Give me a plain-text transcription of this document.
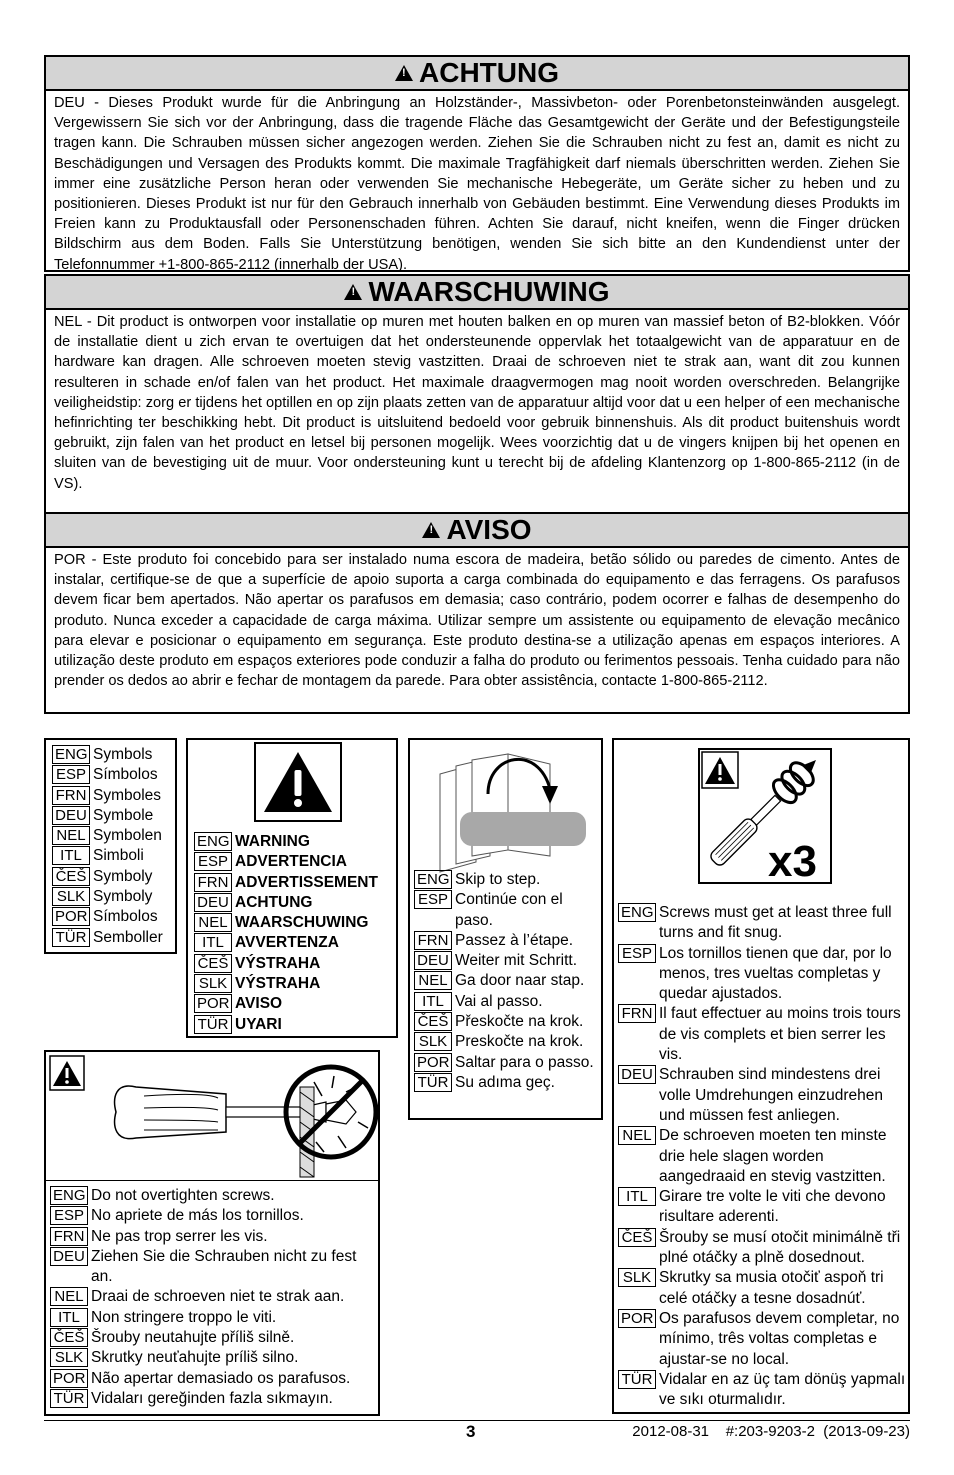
!ACHTUNG
DEU - Dieses Produkt wurde für die Anbringung an Holzständer-, Massivbeton- oder Porenbetonsteinwänden ausgelegt. Vergewissern Sie sich vor der Anbringung, dass die tragende Fläche das Gesamtgewicht der Geräte und der Befestigungsteile tragen kann. Die Schrauben müssen sicher angezogen werden. Ziehen Sie die Schrauben nicht zu fest an, damit es nicht zu Beschädigungen und Versagen des Produkts kommt. Die maximale Tragfähigkeit darf niemals überschritten werden. Ziehen Sie immer eine zusätzliche Person heran oder verwenden Sie mechanische Hebegeräte, um Geräte sicher zu heben und zu positionieren. Dieses Produkt ist nur für den Gebrauch innerhalb von Gebäuden bestimmt. Eine Verwendung dieses Produkts im Freien kann zu Produktausfall oder Personenschaden führen. Achten Sie darauf, nicht kneifen, wenn die Finger drücken Bildschirm aus dem Boden. Falls Sie Unterstützung benötigen, wenden Sie sich bitte an den Kundendienst unter der Telefonnummer +1-800-865-2112 (innerhalb der USA).
!WAARSCHUWING
NEL - Dit product is ontworpen voor installatie op muren met houten balken en op muren van massief beton of B2-blokken. Vóór de installatie dient u zich ervan te overtuigen dat het ondersteunende oppervlak het totaalgewicht van de apparatuur en de hardware kan dragen. Alle schroeven moeten stevig vastzitten. Draai de schroeven niet te strak aan, want dit zou kunnen resulteren in schade en/of falen van het product. Het maximale draagvermogen mag nooit worden overschreden. Belangrijke veiligheidstip: zorg er tijdens het optillen en op zijn plaats zetten van de apparatuur altijd voor dat u een helper of een mechanische hefinrichting ter beschikking hebt. Dit product is uitsluitend bedoeld voor gebruik binnenshuis. Als dit product buitenshuis wordt gebruikt, zijn falen van het product en letsel bij personen mogelijk. Wees voorzichtig dat u de vingers knijpen bij het openen en sluiten van de bevestiging uit de muur. Voor ondersteuning kunt u terecht bij de afdeling Klantenzorg op 1-800-865-2112 (in de VS).
!AVISO
POR - Este produto foi concebido para ser instalado numa escora de madeira, betão sólido ou paredes de cimento. Antes de instalar, certifique-se de que a superfície de apoio suporta a carga combinada do equipamento e das ferragens. Os parafusos devem ficar bem apertados. Não apertar os parafusos em demasia; caso contrário, podem ocorrer e falhas de desempenho do produto. Nunca exceder a capacidade de carga máxima. Utilizar sempre um assistente ou equipamento de elevação mecânico para elevar e posicionar o equipamento em segurança. Este produto destina-se a utilização apenas em espaços interiores. A utilização deste produto em espaços exteriores pode conduzir a falha do produto ou ferimentos pessoais. Tenha cuidado para não prender os dedos ao abrir e fechar de montagem da parede. Para obter assistência, contacte 1-800-865-2112.
ENG Symbols
ESP Símbolos
FRN Symboles
DEU Symbole
NEL Symbolen
ITL Simboli
ČEŠ Symboly
SLK Symboly
POR Símbolos
TÜR Semboller
ENG WARNING
ESP ADVERTENCIA
FRN ADVERTISSEMENT
DEU ACHTUNG
NEL WAARSCHUWING
ITL AVVERTENZA
ČEŠ VÝSTRAHA
SLK VÝSTRAHA
POR AVISO
TÜR UYARI
ENG Skip to step.
ESP Continúe con el paso.
FRN Passez à l’étape.
DEU Weiter mit Schritt.
NEL Ga door naar stap.
ITL Vai al passo.
ČEŠ Přeskočte na krok.
SLK Preskočte na krok.
POR Saltar para o passo.
TÜR Su adıma geç.
ENG Do not overtighten screws.
ESP No apriete de más los tornillos.
FRN Ne pas trop serrer les vis.
DEU Ziehen Sie die Schrauben nicht zu fest an.
NEL Draai de schroeven niet te strak aan.
ITL Non stringere troppo le viti.
ČEŠ Šrouby neutahujte příliš silně.
SLK Skrutky neuťahujte príliš silno.
POR Não apertar demasiado os parafusos.
TÜR Vidaları gereğinden fazla sıkmayın.
x3
ENG Screws must get at least three full turns and fit snug.
ESP Los tornillos tienen que dar, por lo menos, tres vueltas completas y quedar ajustados.
FRN Il faut effectuer au moins trois tours de vis complets et bien serrer les vis.
DEU Schrauben sind mindestens drei volle Umdrehungen einzudrehen und müssen fest anliegen.
NEL De schroeven moeten ten minste drie hele slagen worden aangedraaid en stevig vastzitten.
ITL Girare tre volte le viti che devono risultare aderenti.
ČEŠ Šrouby se musí otočit minimálně tři plné otáčky a plně dosednout.
SLK Skrutky sa musia otočiť aspoň tri celé otáčky a tesne dosadnúť.
POR Os parafusos devem completar, no mínimo, três voltas completas e ajustar-se no local.
TÜR Vidalar en az üç tam dönüş yapmalı ve sıkı oturmalıdır.
3	2012-08-31    #:203-9203-2  (2013-09-23)
